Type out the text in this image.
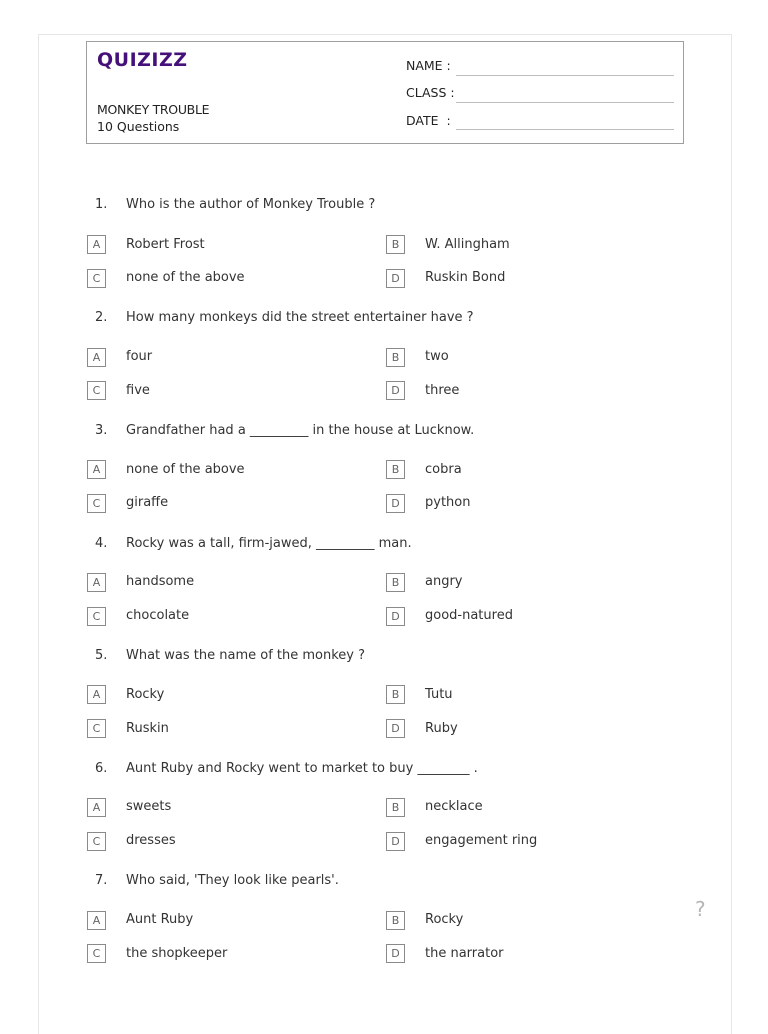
QUIZIZZ
MONKEY TROUBLE
10 Questions
NAME :
CLASS :
DATE  :
1. Who is the author of Monkey Trouble ?
A	Robert Frost	B	W. Allingham
C	none of the above	D	Ruskin Bond
2. How many monkeys did the street entertainer have ?
A	four	B	two
C	five	D	three
3. Grandfather had a _________ in the house at Lucknow.
A	none of the above	B	cobra
C	giraffe	D	python
4. Rocky was a tall, firm-jawed, _________ man.
A	handsome	B	angry
C	chocolate	D	good-natured
5. What was the name of the monkey ?
A	Rocky	B	Tutu
C	Ruskin	D	Ruby
6. Aunt Ruby and Rocky went to market to buy ________ .
A	sweets	B	necklace
C	dresses	D	engagement ring
7. Who said, 'They look like pearls'.
A	Aunt Ruby	B	Rocky
C	the shopkeeper	D	the narrator
?
